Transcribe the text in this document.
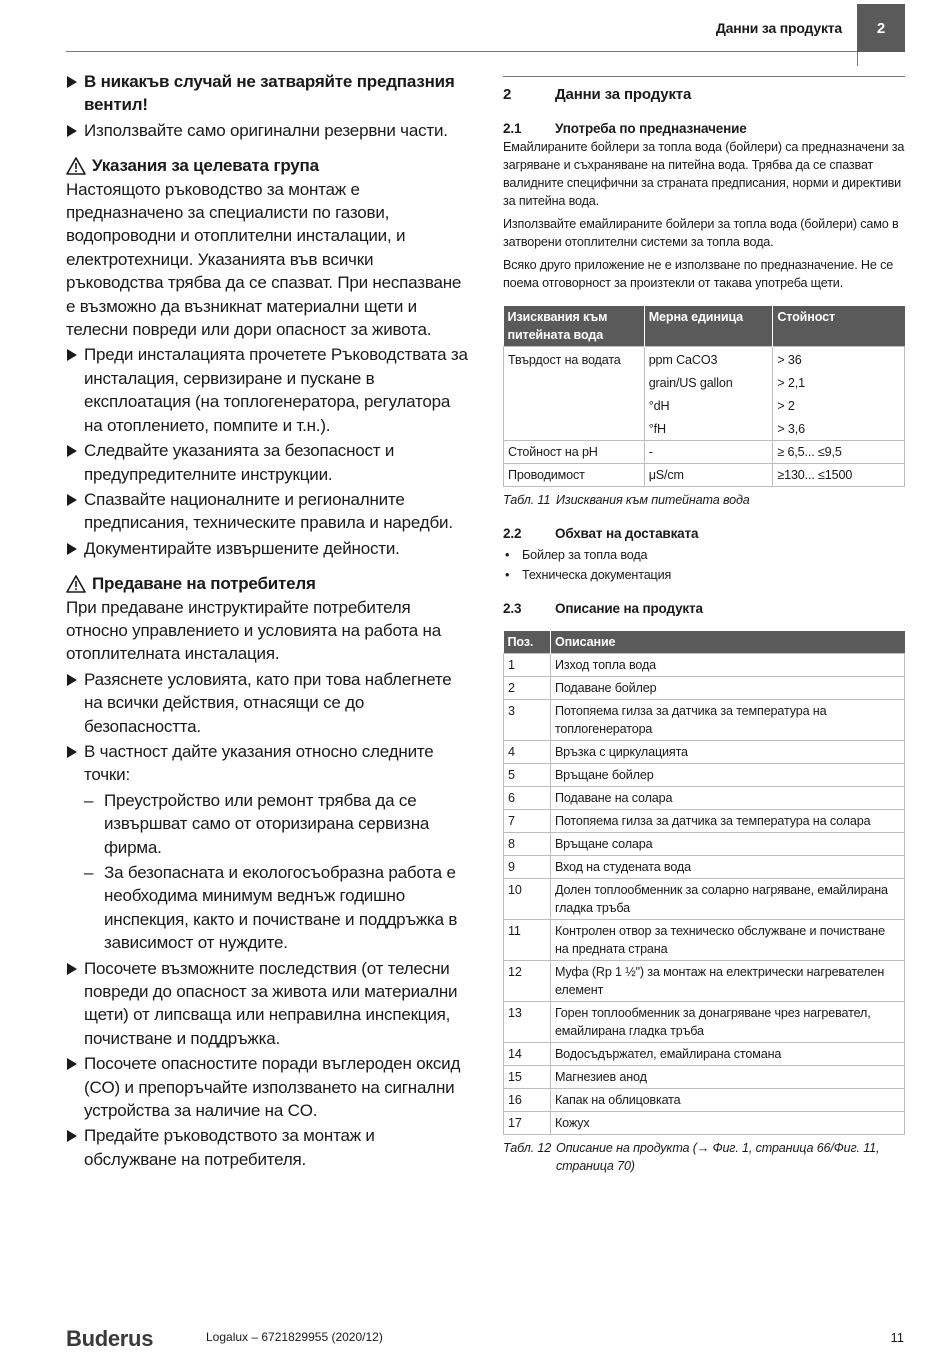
Данни за продукта	2
В никакъв случай не затваряйте предпазния вентил!
Използвайте само оригинални резервни части.
Указания за целевата група
Настоящото ръководство за монтаж е предназначено за специалисти по газови, водопроводни и отоплителни инсталации, и електротехници. Указанията във всички ръководства трябва да се спазват. При неспазване е възможно да възникнат материални щети и телесни повреди или дори опасност за живота.
Преди инсталацията прочетете Ръководствата за инсталация, сервизиране и пускане в експлоатация (на топлогенератора, регулатора на отоплението, помпите и т.н.).
Следвайте указанията за безопасност и предупредителните инструкции.
Спазвайте националните и регионалните предписания, техническите правила и наредби.
Документирайте извършените дейности.
Предаване на потребителя
При предаване инструктирайте потребителя относно управлението и условията на работа на отоплителната инсталация.
Разяснете условията, като при това наблегнете на всички действия, отнасящи се до безопасността.
В частност дайте указания относно следните точки:
– Преустройство или ремонт трябва да се извършват само от оторизирана сервизна фирма.
– За безопасната и екологосъобразна работа е необходима минимум веднъж годишно инспекция, както и почистване и поддръжка в зависимост от нуждите.
Посочете възможните последствия (от телесни повреди до опасност за живота или материални щети) от липсваща или неправилна инспекция, почистване и поддръжка.
Посочете опасностите поради въглероден оксид (CO) и препоръчайте използването на сигнални устройства за наличие на CO.
Предайте ръководството за монтаж и обслужване на потребителя.
2	Данни за продукта
2.1	Употреба по предназначение
Емайлираните бойлери за топла вода (бойлери) са предназначени за загряване и съхраняване на питейна вода. Трябва да се спазват валидните специфични за страната предписания, норми и директиви за питейна вода.
Използвайте емайлираните бойлери за топла вода (бойлери) само в затворени отоплителни системи за топла вода.
Всяко друго приложение не е използване по предназначение. Не се поема отговорност за произтекли от такава употреба щети.
Изисквания към питейната вода	Мерна единица	Стойност
Твърдост на водата	ppm CaCO3	> 36
	grain/US gallon	> 2,1
	°dH	> 2
	°fH	> 3,6
Стойност на pH	-	≥ 6,5... ≤9,5
Проводимост	μS/cm	≥130... ≤1500
Табл. 11 Изисквания към питейната вода
2.2	Обхват на доставката
• Бойлер за топла вода
• Техническа документация
2.3	Описание на продукта
Поз.	Описание
1	Изход топла вода
2	Подаване бойлер
3	Потопяема гилза за датчика за температура на топлогенератора
4	Връзка с циркулацията
5	Връщане бойлер
6	Подаване на солара
7	Потопяема гилза за датчика за температура на солара
8	Връщане солара
9	Вход на студената вода
10	Долен топлообменник за соларно нагряване, емайлирана гладка тръба
11	Контролен отвор за техническо обслужване и почистване на предната страна
12	Муфа (Rp 1 ½") за монтаж на електрически нагревателен елемент
13	Горен топлообменник за донагряване чрез нагревател, емайлирана гладка тръба
14	Водосъдържател, емайлирана стомана
15	Магнезиев анод
16	Капак на облицовката
17	Кожух
Табл. 12 Описание на продукта (→ Фиг. 1, страница 66/Фиг. 11, страница 70)
Buderus	Logalux – 6721829955 (2020/12)	11
